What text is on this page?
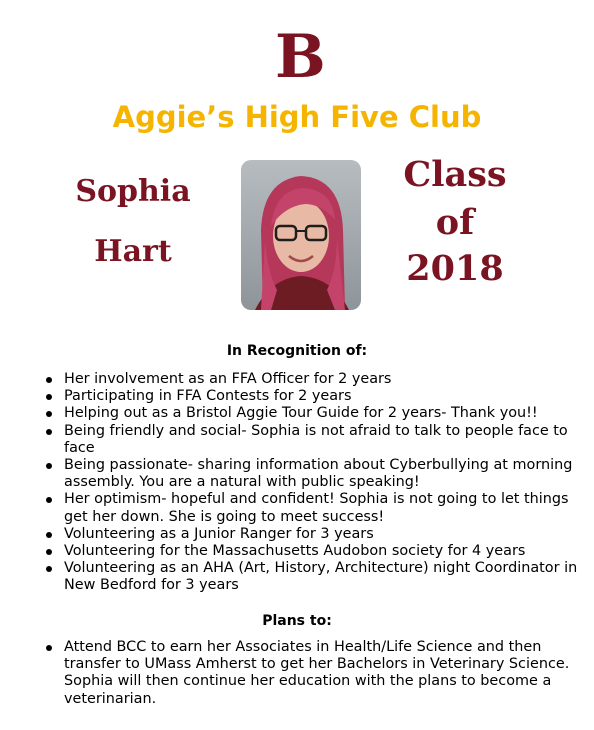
B
Aggie’s High Five Club
Sophia
Hart
Class
of
2018
In Recognition of:
Her involvement as an FFA Officer for 2 years
Participating in FFA Contests for 2 years
Helping out as a Bristol Aggie Tour Guide for 2 years- Thank you!!
Being friendly and social- Sophia is not afraid to talk to people face to face
Being passionate- sharing information about Cyberbullying at morning assembly. You are a natural with public speaking!
Her optimism- hopeful and confident! Sophia is not going to let things get her down. She is going to meet success!
Volunteering as a Junior Ranger for 3 years
Volunteering for the Massachusetts Audobon society for 4 years
Volunteering as an AHA (Art, History, Architecture) night Coordinator in New Bedford for 3 years
Plans to:
Attend BCC to earn her Associates in Health/Life Science and then transfer to UMass Amherst to get her Bachelors in Veterinary Science. Sophia will then continue her education with the plans to become a veterinarian.
